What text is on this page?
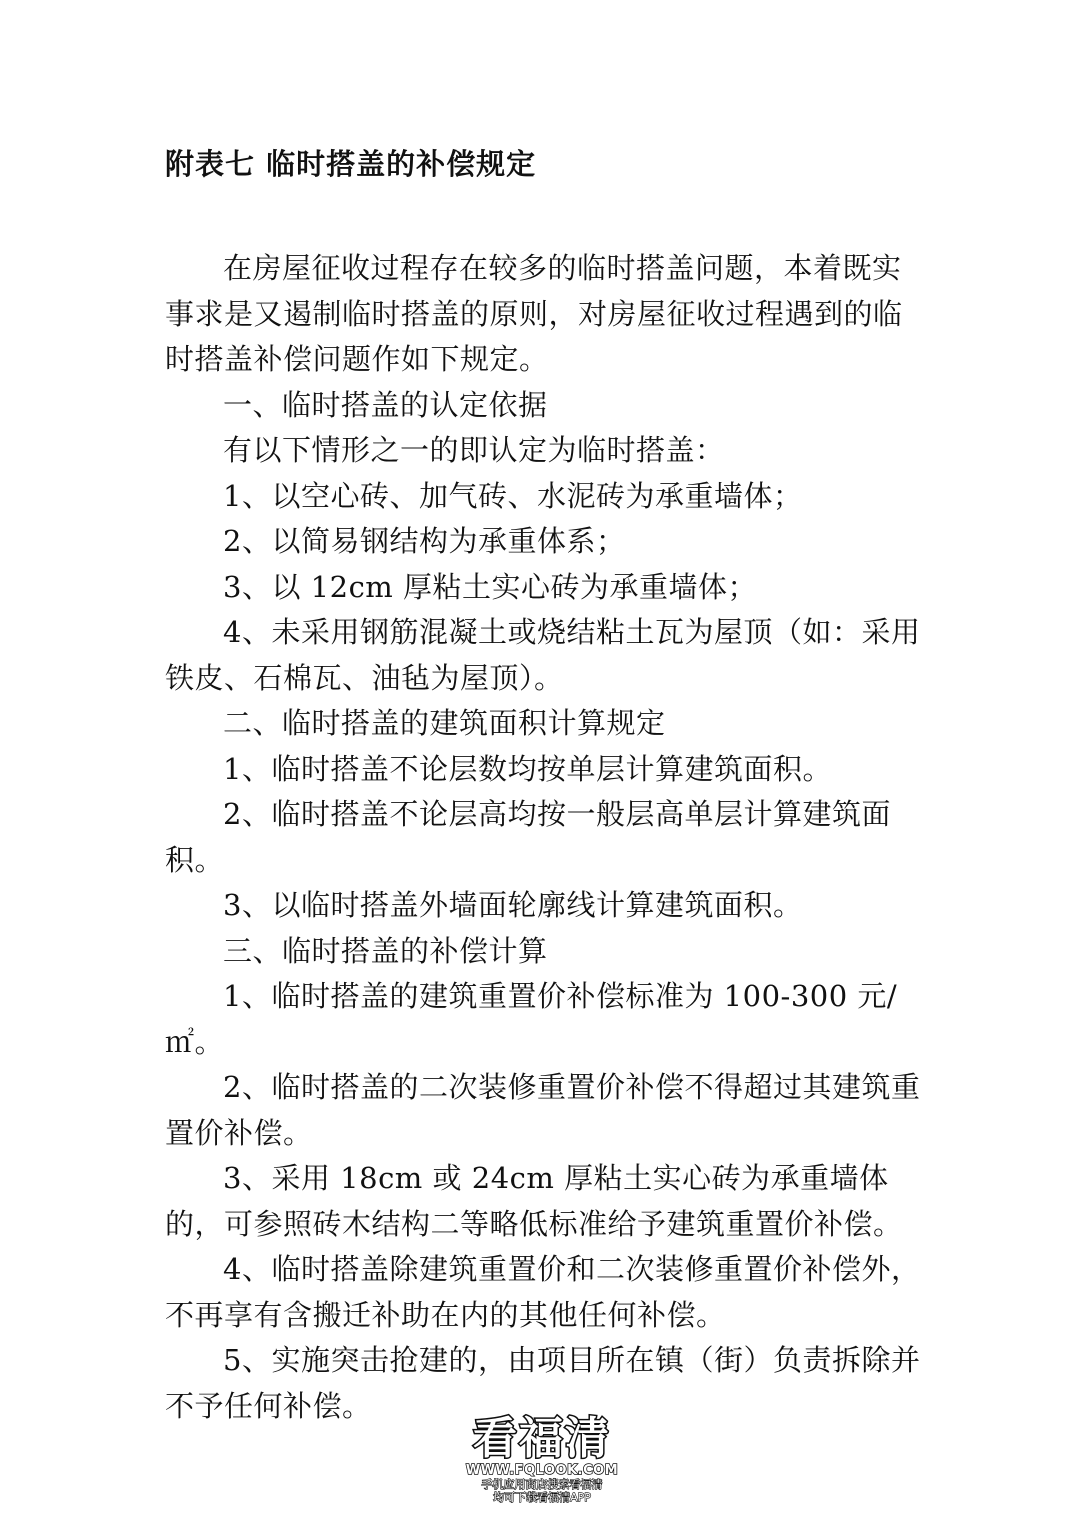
附表七 临时搭盖的补偿规定

在房屋征收过程存在较多的临时搭盖问题，本着既实事求是又遏制临时搭盖的原则，对房屋征收过程遇到的临时搭盖补偿问题作如下规定。

一、临时搭盖的认定依据

有以下情形之一的即认定为临时搭盖：

1、以空心砖、加气砖、水泥砖为承重墙体；

2、以简易钢结构为承重体系；

3、以 12cm 厚粘土实心砖为承重墙体；

4、未采用钢筋混凝土或烧结粘土瓦为屋顶（如：采用铁皮、石棉瓦、油毡为屋顶）。

二、临时搭盖的建筑面积计算规定

1、临时搭盖不论层数均按单层计算建筑面积。

2、临时搭盖不论层高均按一般层高单层计算建筑面积。

3、以临时搭盖外墙面轮廓线计算建筑面积。

三、临时搭盖的补偿计算

1、临时搭盖的建筑重置价补偿标准为 100-300 元/㎡。

2、临时搭盖的二次装修重置价补偿不得超过其建筑重置价补偿。

3、采用 18cm 或 24cm 厚粘土实心砖为承重墙体的，可参照砖木结构二等略低标准给予建筑重置价补偿。

4、临时搭盖除建筑重置价和二次装修重置价补偿外，不再享有含搬迁补助在内的其他任何补偿。

5、实施突击抢建的，由项目所在镇（街）负责拆除并不予任何补偿。

看福清
WWW.FQLOOK.COM
手机应用商店搜索看福清
均可下载看福清APP
